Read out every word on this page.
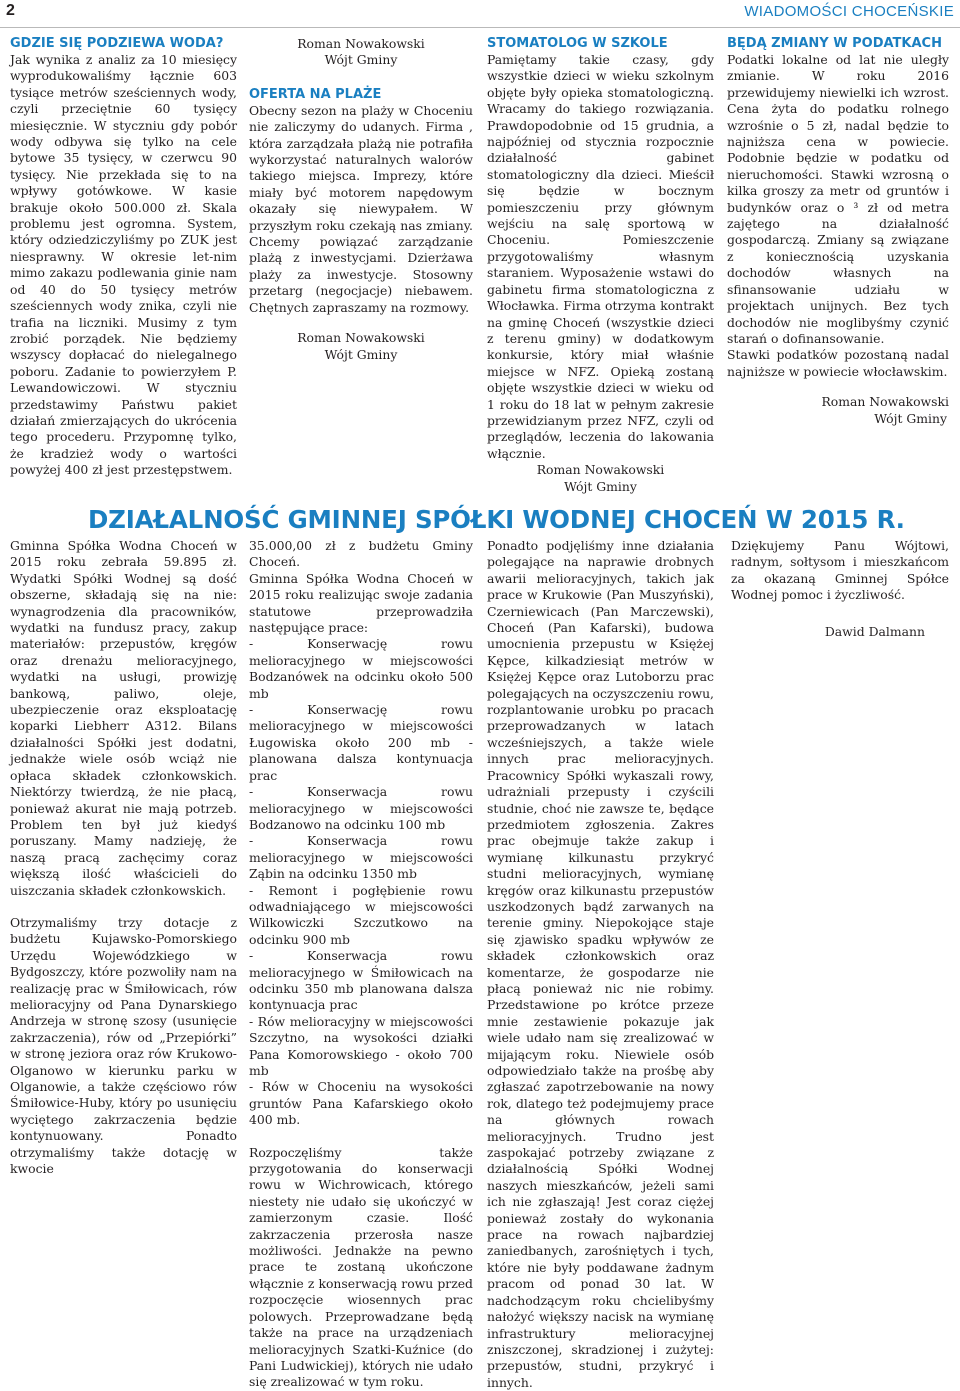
2	WIADOMOŚCI CHOCEŃSKIE

GDZIE SIĘ PODZIEWA WODA?

Jak wynika z analiz za 10 miesięcy wyprodukowaliśmy łącznie 603 tysiące metrów sześciennych wody, czyli przeciętnie 60 tysięcy miesięcznie. W styczniu gdy pobór wody odbywa się tylko na cele bytowe 35 tysięcy, w czerwcu 90 tysięcy. Nie przekłada się to na wpływy gotówkowe. W kasie brakuje około 500.000 zł. Skala problemu jest ogromna. System, który odziedziczyliśmy po ZUK jest niesprawny. W okresie let-nim mimo zakazu podlewania ginie nam od 40 do 50 tysięcy metrów sześciennych wody znika, czyli nie trafia na liczniki. Musimy z tym zrobić porządek. Nie będziemy wszyscy dopłacać do nielegalnego poboru. Zadanie to powierzyłem P. Lewandowiczowi. W styczniu przedstawimy Państwu pakiet działań zmierzających do ukrócenia tego procederu. Przypomnę tylko, że kradzież wody o wartości powyżej 400 zł jest przestępstwem.

Roman Nowakowski

Wójt Gminy

OFERTA NA PLAŻE

Obecny sezon na plaży w Choceniu nie zaliczymy do udanych. Firma , która zarządzała plażą nie potrafiła wykorzystać naturalnych walorów takiego miejsca. Imprezy, które miały być motorem napędowym okazały się niewypałem. W przyszłym roku czekają nas zmiany. Chcemy powiązać zarządzanie plażą z inwestycjami. Dzierżawa plaży za inwestycje. Stosowny przetarg (negocjacje) niebawem. Chętnych zapraszamy na rozmowy.

Roman Nowakowski

Wójt Gminy

STOMATOLOG W SZKOLE

Pamiętamy takie czasy, gdy wszystkie dzieci w wieku szkolnym objęte były opieka stomatologiczną. Wracamy do takiego rozwiązania. Prawdopodobnie od 15 grudnia, a najpóźniej od stycznia rozpocznie działalność gabinet stomatologiczny dla dzieci. Mieścił się będzie w bocznym pomieszczeniu przy głównym wejściu na salę sportową w Choceniu. Pomieszczenie przygotowaliśmy własnym staraniem. Wyposażenie wstawi do gabinetu firma stomatologiczna z Włocławka. Firma otrzyma kontrakt na gminę Choceń (wszystkie dzieci z terenu gminy) w dodatkowym konkursie, który miał właśnie miejsce w NFZ. Opieką zostaną objęte wszystkie dzieci w wieku od 1 roku do 18 lat w pełnym zakresie przewidzianym przez NFZ, czyli od przeglądów, leczenia do lakowania włącznie.

Roman Nowakowski

Wójt Gminy

BĘDĄ ZMIANY W PODATKACH

Podatki lokalne od lat nie uległy zmianie. W roku 2016 przewidujemy niewielki ich wzrost. Cena żyta do podatku rolnego wzrośnie o 5 zł, nadal będzie to najniższa cena w powiecie. Podobnie będzie w podatku od nieruchomości. Stawki wzrosną o kilka groszy za metr od gruntów i budynków oraz o ³ zł od metra zajętego na działalność gospodarczą. Zmiany są związane z koniecznością uzyskania dochodów własnych na sfinansowanie udziału w projektach unijnych. Bez tych dochodów nie moglibyśmy czynić starań o dofinansowanie.

Stawki podatków pozostaną nadal najniższe w powiecie włocławskim.

Roman Nowakowski

Wójt Gminy

DZIAŁALNOŚĆ GMINNEJ SPÓŁKI WODNEJ CHOCEŃ W 2015 R.

Gminna Spółka Wodna Choceń w 2015 roku zebrała 59.895 zł. Wydatki Spółki Wodnej są dość obszerne, składają się na nie: wynagrodzenia dla pracowników, wydatki na fundusz pracy, zakup materiałów: przepustów, kręgów oraz drenażu melioracyjnego, wydatki na usługi, prowizję bankową, paliwo, oleje, ubezpieczenie oraz eksploatację koparki Liebherr A312. Bilans działalności Spółki jest dodatni, jednakże wiele osób wciąż nie opłaca składek członkowskich. Niektórzy twierdzą, że nie płacą, ponieważ akurat nie mają potrzeb. Problem ten był już kiedyś poruszany. Mamy nadzieję, że naszą pracą zachęcimy coraz większą ilość właścicieli do uiszczania składek członkowskich.

Otrzymaliśmy trzy dotacje z budżetu Kujawsko-Pomorskiego Urzędu Wojewódzkiego w Bydgoszczy, które pozwoliły nam na realizację prac w Śmiłowicach, rów melioracyjny od Pana Dynarskiego Andrzeja w stronę szosy (usunięcie zakrzaczenia), rów od „Przepiórki” w stronę jeziora oraz rów Krukowo-Olganowo w kierunku parku w Olganowie, a także częściowo rów Śmiłowice-Huby, który po usunięciu wyciętego zakrzaczenia będzie kontynuowany. Ponadto otrzymaliśmy także dotację w kwocie

35.000,00 zł z budżetu Gminy Choceń.

Gminna Spółka Wodna Choceń w 2015 roku realizując swoje zadania statutowe przeprowadziła następujące prace:

- Konserwację rowu melioracyjnego w miejscowości Bodzanówek na odcinku około 500 mb

- Konserwację rowu melioracyjnego w miejscowości Ługowiska około 200 mb - planowana dalsza kontynuacja prac

- Konserwacja rowu melioracyjnego w miejscowości Bodzanowo na odcinku 100 mb

- Konserwacja rowu melioracyjnego w miejscowości Ząbin na odcinku 1350 mb

- Remont i pogłębienie rowu odwadniającego w miejscowości Wilkowiczki Szczutkowo na odcinku 900 mb

- Konserwacja rowu melioracyjnego w Śmiłowicach na odcinku 350 mb planowana dalsza kontynuacja prac

- Rów melioracyjny w miejscowości Szczytno, na wysokości działki Pana Komorowskiego - około 700 mb

- Rów w Choceniu na wysokości gruntów Pana Kafarskiego około 400 mb.

Rozpoczęliśmy także przygotowania do konserwacji rowu w Wichrowicach, którego niestety nie udało się ukończyć w zamierzonym czasie. Ilość zakrzaczenia przerosła nasze możliwości. Jednakże na pewno prace te zostaną ukończone włącznie z konserwacją rowu przed rozpoczęcie wiosennych prac polowych. Przeprowadzane będą także na prace na urządzeniach melioracyjnych Szatki-Kuźnice (do Pani Ludwickiej), których nie udało się zrealizować w tym roku.

Ponadto podjęliśmy inne działania polegające na naprawie drobnych awarii melioracyjnych, takich jak prace w Krukowie (Pan Muszyński), Czerniewicach (Pan Marczewski), Choceń (Pan Kafarski), budowa umocnienia przepustu w Księżej Kępce, kilkadziesiąt metrów w Księżej Kępce oraz Lutoborzu prac polegających na oczyszczeniu rowu, rozplantowanie urobku po pracach przeprowadzanych w latach wcześniejszych, a także wiele innych prac melioracyjnych. Pracownicy Spółki wykaszali rowy, udrażniali przepusty i czyścili studnie, choć nie zawsze te, będące przedmiotem zgłoszenia. Zakres prac obejmuje także zakup i wymianę kilkunastu przykryć studni melioracyjnych, wymianę kręgów oraz kilkunastu przepustów uszkodzonych bądź zarwanych na terenie gminy. Niepokojące staje się zjawisko spadku wpływów ze składek członkowskich oraz komentarze, że gospodarze nie płacą ponieważ nic nie robimy. Przedstawione po krótce przeze mnie zestawienie pokazuje jak wiele udało nam się zrealizować w mijającym roku. Niewiele osób odpowiedziało także na prośbę aby zgłaszać zapotrzebowanie na nowy rok, dlatego też podejmujemy prace na głównych rowach melioracyjnych. Trudno jest zaspokajać potrzeby związane z działalnością Spółki Wodnej naszych mieszkańców, jeżeli sami ich nie zgłaszają! Jest coraz ciężej ponieważ zostały do wykonania prace na rowach najbardziej zaniedbanych, zarośniętych i tych, które nie były poddawane żadnym pracom od ponad 30 lat. W nadchodzącym roku chcielibyśmy nałożyć większy nacisk na wymianę infrastruktury melioracyjnej zniszczonej, skradzionej i zużytej: przepustów, studni, przykryć i innych.

Dziękujemy Panu Wójtowi, radnym, sołtysom i mieszkańcom za okazaną Gminnej Spółce Wodnej pomoc i życzliwość.

Dawid Dalmann
